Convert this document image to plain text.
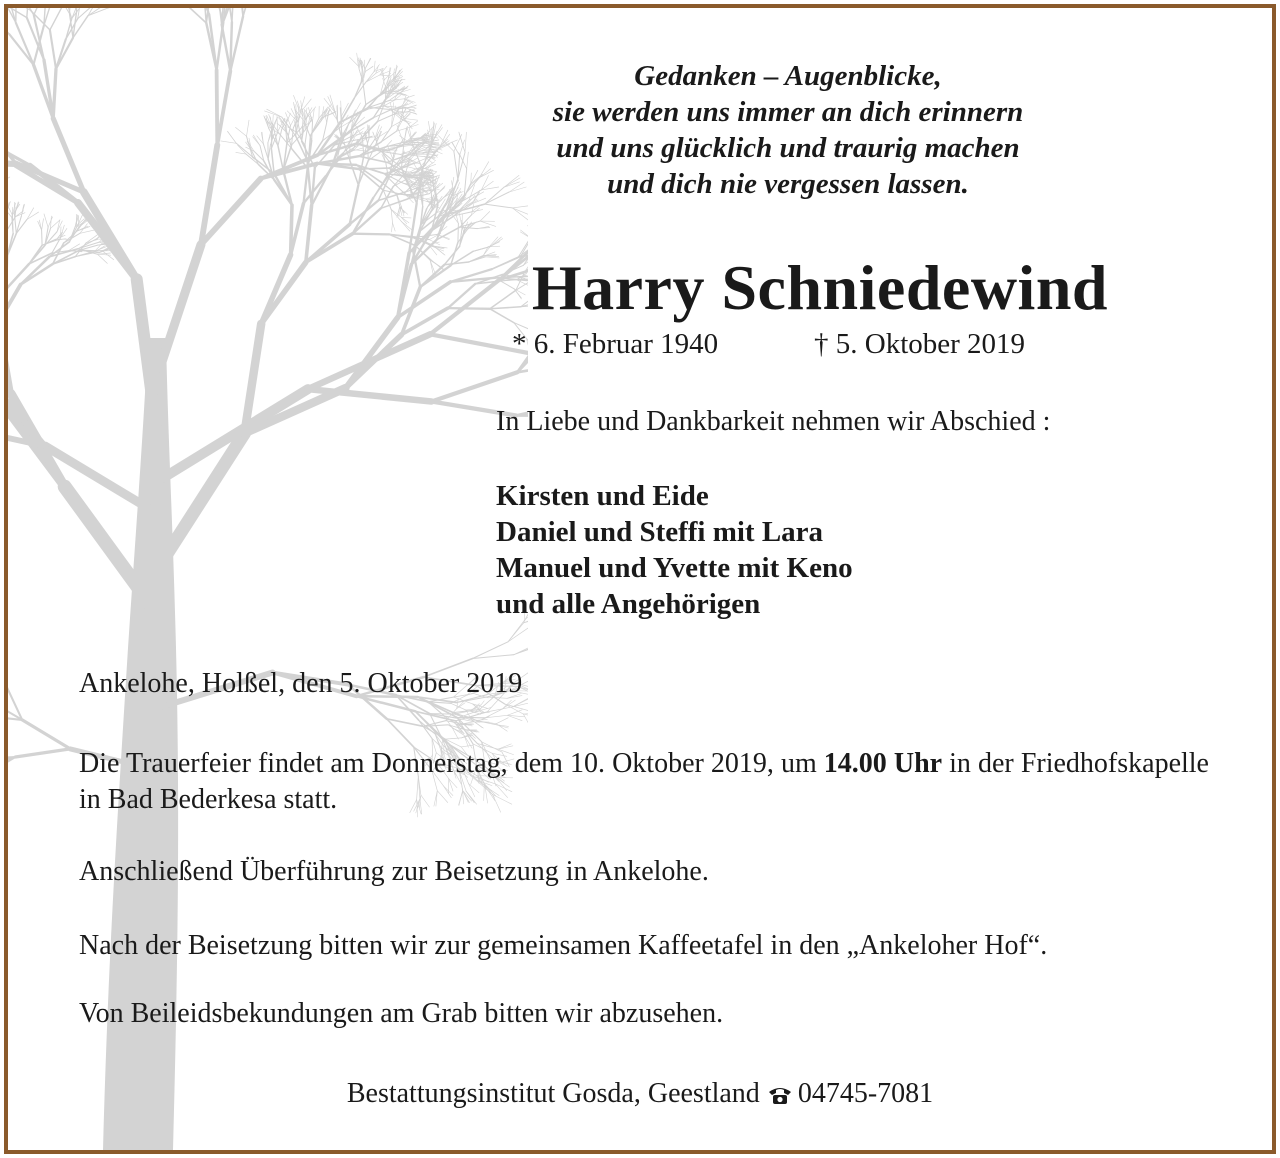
Gedanken – Augenblicke,
sie werden uns immer an dich erinnern
und uns glücklich und traurig machen
und dich nie vergessen lassen.
Harry Schniedewind
* 6. Februar 1940	† 5. Oktober 2019
In Liebe und Dankbarkeit nehmen wir Abschied :
Kirsten und Eide
Daniel und Steffi mit Lara
Manuel und Yvette mit Keno
und alle Angehörigen
Ankelohe, Holßel, den 5. Oktober 2019
Die Trauerfeier findet am Donnerstag, dem 10. Oktober 2019, um 14.00 Uhr in der Friedhofskapelle in Bad Bederkesa statt.
Anschließend Überführung zur Beisetzung in Ankelohe.
Nach der Beisetzung bitten wir zur gemeinsamen Kaffeetafel in den „Ankeloher Hof“.
Von Beileidsbekundungen am Grab bitten wir abzusehen.
Bestattungsinstitut Gosda, Geestland 04745-7081
